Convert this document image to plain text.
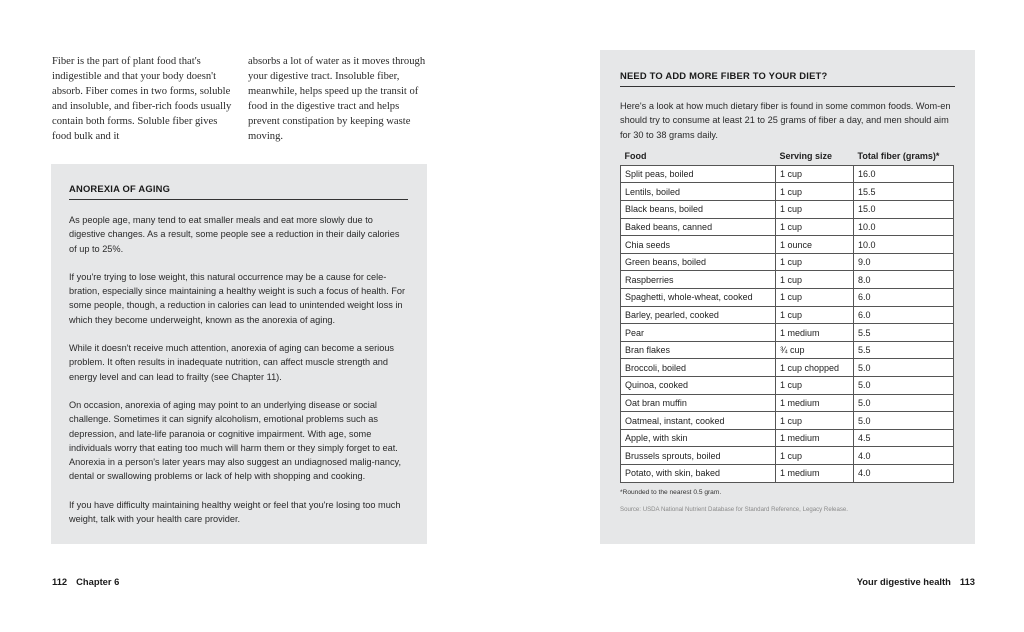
Fiber is the part of plant food that's indigestible and that your body doesn't absorb. Fiber comes in two forms, soluble and insoluble, and fiber-rich foods usually contain both forms. Soluble fiber gives food bulk and it
absorbs a lot of water as it moves through your digestive tract. Insoluble fiber, meanwhile, helps speed up the transit of food in the digestive tract and helps prevent constipation by keeping waste moving.
ANOREXIA OF AGING

As people age, many tend to eat smaller meals and eat more slowly due to digestive changes. As a result, some people see a reduction in their daily calories of up to 25%.

If you're trying to lose weight, this natural occurrence may be a cause for cele-bration, especially since maintaining a healthy weight is such a focus of health. For some people, though, a reduction in calories can lead to unintended weight loss in which they become underweight, known as the anorexia of aging.

While it doesn't receive much attention, anorexia of aging can become a serious problem. It often results in inadequate nutrition, can affect muscle strength and energy level and can lead to frailty (see Chapter 11).

On occasion, anorexia of aging may point to an underlying disease or social challenge. Sometimes it can signify alcoholism, emotional problems such as depression, and late-life paranoia or cognitive impairment. With age, some individuals worry that eating too much will harm them or they simply forget to eat. Anorexia in a person's later years may also suggest an undiagnosed malig-nancy, dental or swallowing problems or lack of help with shopping and cooking.

If you have difficulty maintaining healthy weight or feel that you're losing too much weight, talk with your health care provider.

112 Chapter 6
NEED TO ADD MORE FIBER TO YOUR DIET?

Here's a look at how much dietary fiber is found in some common foods. Wom-en should try to consume at least 21 to 25 grams of fiber a day, and men should aim for 30 to 38 grams daily.

Food	Serving size	Total fiber (grams)*
Split peas, boiled	1 cup	16.0
Lentils, boiled	1 cup	15.5
Black beans, boiled	1 cup	15.0
Baked beans, canned	1 cup	10.0
Chia seeds	1 ounce	10.0
Green beans, boiled	1 cup	9.0
Raspberries	1 cup	8.0
Spaghetti, whole-wheat, cooked	1 cup	6.0
Barley, pearled, cooked	1 cup	6.0
Pear	1 medium	5.5
Bran flakes	¾ cup	5.5
Broccoli, boiled	1 cup chopped	5.0
Quinoa, cooked	1 cup	5.0
Oat bran muffin	1 medium	5.0
Oatmeal, instant, cooked	1 cup	5.0
Apple, with skin	1 medium	4.5
Brussels sprouts, boiled	1 cup	4.0
Potato, with skin, baked	1 medium	4.0
*Rounded to the nearest 0.5 gram.
Source: USDA National Nutrient Database for Standard Reference, Legacy Release.
Your digestive health 113
